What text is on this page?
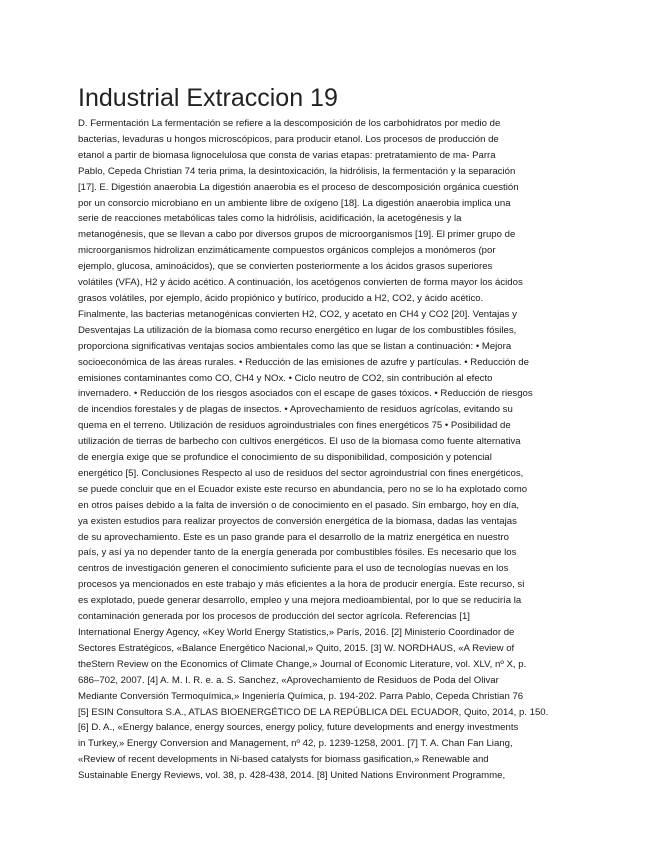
Industrial Extraccion 19
D. Fermentación La fermentación se refiere a la descomposición de los carbohidratos por medio de
bacterias, levaduras u hongos microscópicos, para producir etanol. Los procesos de producción de
etanol a partir de biomasa lignocelulosa que consta de varias etapas: pretratamiento de ma- Parra
Pablo, Cepeda Christian 74 teria prima, la desintoxicación, la hidrólisis, la fermentación y la separación
[17]. E. Digestión anaerobia La digestión anaerobia es el proceso de descomposición orgánica cuestión
por un consorcio microbiano en un ambiente libre de oxígeno [18]. La digestión anaerobia implica una
serie de reacciones metabólicas tales como la hidrólisis, acidificación, la acetogénesis y la
metanogénesis, que se llevan a cabo por diversos grupos de microorganismos [19]. El primer grupo de
microorganismos hidrolizan enzimáticamente compuestos orgánicos complejos a monómeros (por
ejemplo, glucosa, aminoácidos), que se convierten posteriormente a los ácidos grasos superiores
volátiles (VFA), H2 y ácido acético. A continuación, los acetógenos convierten de forma mayor los ácidos
grasos volátiles, por ejemplo, ácido propiónico y butírico, producido a H2, CO2, y ácido acético.
Finalmente, las bacterias metanogénicas convierten H2, CO2, y acetato en CH4 y CO2 [20]. Ventajas y
Desventajas La utilización de la biomasa como recurso energético en lugar de los combustibles fósiles,
proporciona significativas ventajas socios ambientales como las que se listan a continuación: • Mejora
socioeconómica de las áreas rurales. • Reducción de las emisiones de azufre y partículas. • Reducción de
emisiones contaminantes como CO, CH4 y NOx. • Ciclo neutro de CO2, sin contribución al efecto
invernadero. • Reducción de los riesgos asociados con el escape de gases tóxicos. • Reducción de riesgos
de incendios forestales y de plagas de insectos. • Aprovechamiento de residuos agrícolas, evitando su
quema en el terreno. Utilización de residuos agroindustriales con fines energéticos 75 • Posibilidad de
utilización de tierras de barbecho con cultivos energéticos. El uso de la biomasa como fuente alternativa
de energía exige que se profundice el conocimiento de su disponibilidad, composición y potencial
energético [5]. Conclusiones Respecto al uso de residuos del sector agroindustrial con fines energéticos,
se puede concluir que en el Ecuador existe este recurso en abundancia, pero no se lo ha explotado como
en otros países debido a la falta de inversión o de conocimiento en el pasado. Sin embargo, hoy en día,
ya existen estudios para realizar proyectos de conversión energética de la biomasa, dadas las ventajas
de su aprovechamiento. Este es un paso grande para el desarrollo de la matriz energética en nuestro
país, y así ya no depender tanto de la energía generada por combustibles fósiles. Es necesario que los
centros de investigación generen el conocimiento suficiente para el uso de tecnologías nuevas en los
procesos ya mencionados en este trabajo y más eficientes a la hora de producir energía. Este recurso, si
es explotado, puede generar desarrollo, empleo y una mejora medioambiental, por lo que se reduciría la
contaminación generada por los procesos de producción del sector agrícola. Referencias [1]
International Energy Agency, «Key World Energy Statistics,» París, 2016. [2] Ministerio Coordinador de
Sectores Estratégicos, «Balance Energético Nacional,» Quito, 2015. [3] W. NORDHAUS, «A Review of
theStern Review on the Economics of Climate Change,» Journal of Economic Literature, vol. XLV, nº X, p.
686–702, 2007. [4] A. M. I. R. e. a. S. Sanchez, «Aprovechamiento de Residuos de Poda del Olivar
Mediante Conversión Termoquímica,» Ingeniería Química, p. 194-202. Parra Pablo, Cepeda Christian 76
[5] ESIN Consultora S.A., ATLAS BIOENERGÉTICO DE LA REPÚBLICA DEL ECUADOR, Quito, 2014, p. 150.
[6] D. A., «Energy balance, energy sources, energy policy, future developments and energy investments
in Turkey,» Energy Conversion and Management, nº 42, p. 1239-1258, 2001. [7] T. A. Chan Fan Liang,
«Review of recent developments in Ni-based catalysts for biomass gasification,» Renewable and
Sustainable Energy Reviews, vol. 38, p. 428-438, 2014. [8] United Nations Environment Programme,
